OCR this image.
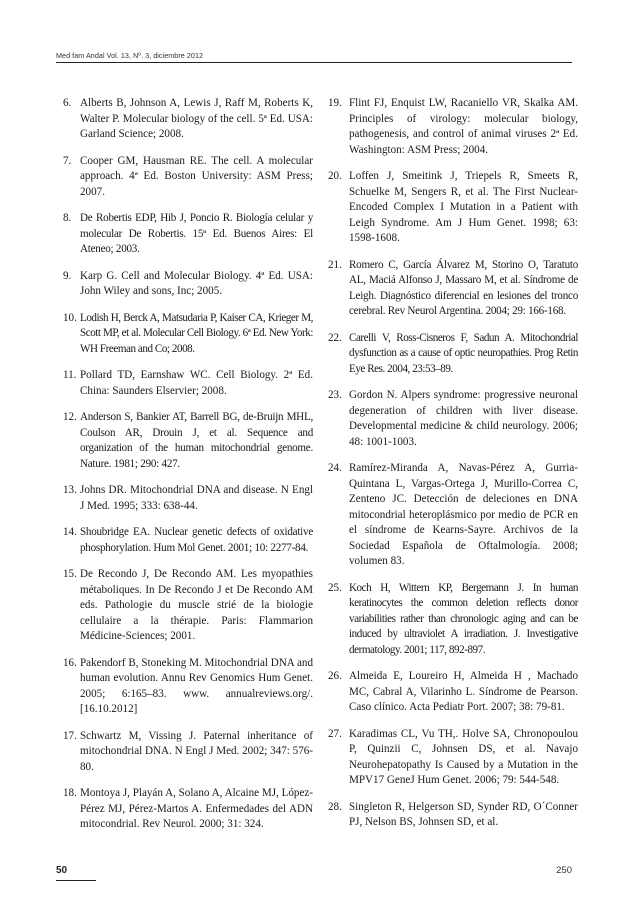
Med fam Andal Vol. 13, Nº. 3, diciembre 2012
6. Alberts B, Johnson A, Lewis J, Raff M, Roberts K, Walter P. Molecular biology of the cell. 5ª Ed. USA: Garland Science; 2008.
7. Cooper GM, Hausman RE. The cell. A molecular approach. 4ª Ed. Boston University: ASM Press; 2007.
8. De Robertis EDP, Hib J, Poncio R. Biología celular y molecular De Robertis. 15ª Ed. Buenos Aires: El Ateneo; 2003.
9. Karp G. Cell and Molecular Biology. 4ª Ed. USA: John Wiley and sons, Inc; 2005.
10. Lodish H, Berck A, Matsudaria P, Kaiser CA, Krieger M, Scott MP, et al. Molecular Cell Biology. 6ª Ed. New York: WH Freeman and Co; 2008.
11. Pollard TD, Earnshaw WC. Cell Biology. 2ª Ed. China: Saunders Elservier; 2008.
12. Anderson S, Bankier AT, Barrell BG, de-Bruijn MHL, Coulson AR, Drouin J, et al. Sequence and organization of the human mitochondrial genome. Nature. 1981; 290: 427.
13. Johns DR. Mitochondrial DNA and disease. N Engl J Med. 1995; 333: 638-44.
14. Shoubridge EA. Nuclear genetic defects of oxidative phosphorylation. Hum Mol Genet. 2001; 10: 2277-84.
15. De Recondo J, De Recondo AM. Les myopathies métaboliques. In De Recondo J et De Recondo AM eds. Pathologie du muscle strié de la biologie cellulaire a la thérapie. Paris: Flammarion Médicine-Sciences; 2001.
16. Pakendorf B, Stoneking M. Mitochondrial DNA and human evolution. Annu Rev Genomics Hum Genet. 2005; 6:165–83. www. annualreviews.org/. [16.10.2012]
17. Schwartz M, Vissing J. Paternal inheritance of mitochondrial DNA. N Engl J Med. 2002; 347: 576-80.
18. Montoya J, Playán A, Solano A, Alcaine MJ, López-Pérez MJ, Pérez-Martos A. Enfermedades del ADN mitocondrial. Rev Neurol. 2000; 31: 324.
19. Flint FJ, Enquist LW, Racaniello VR, Skalka AM. Principles of virology: molecular biology, pathogenesis, and control of animal viruses 2ª Ed. Washington: ASM Press; 2004.
20. Loffen J, Smeitink J, Triepels R, Smeets R, Schuelke M, Sengers R, et al. The First Nuclear-Encoded Complex I Mutation in a Patient with Leigh Syndrome. Am J Hum Genet. 1998; 63: 1598-1608.
21. Romero C, García Álvarez M, Storino O, Taratuto AL, Maciá Alfonso J, Massaro M, et al. Síndrome de Leigh. Diagnóstico diferencial en lesiones del tronco cerebral. Rev Neurol Argentina. 2004; 29: 166-168.
22. Carelli V, Ross-Cisneros F, Sadun A. Mitochondrial dysfunction as a cause of optic neuropathies. Prog Retin Eye Res. 2004, 23:53–89.
23. Gordon N. Alpers syndrome: progressive neuronal degeneration of children with liver disease. Developmental medicine & child neurology. 2006; 48: 1001-1003.
24. Ramírez-Miranda A, Navas-Pérez A, Gurria-Quintana L, Vargas-Ortega J, Murillo-Correa C, Zenteno JC. Detección de deleciones en DNA mitocondrial heteroplásmico por medio de PCR en el síndrome de Kearns-Sayre. Archivos de la Sociedad Española de Oftalmología. 2008; volumen 83.
25. Koch H, Wittern KP, Bergemann J. In human keratinocytes the common deletion reflects donor variabilities rather than chronologic aging and can be induced by ultraviolet A irradiation. J. Investigative dermatology. 2001; 117, 892-897.
26. Almeida E, Loureiro H, Almeida H , Machado MC, Cabral A, Vilarinho L. Síndrome de Pearson. Caso clínico. Acta Pediatr Port. 2007; 38: 79-81.
27. Karadimas CL, Vu TH,. Holve SA, Chronopoulou P, Quinzii C, Johnsen DS, et al. Navajo Neurohepatopathy Is Caused by a Mutation in the MPV17 GeneJ Hum Genet. 2006; 79: 544-548.
28. Singleton R, Helgerson SD, Synder RD, O´Conner PJ, Nelson BS, Johnsen SD, et al.
50	250
